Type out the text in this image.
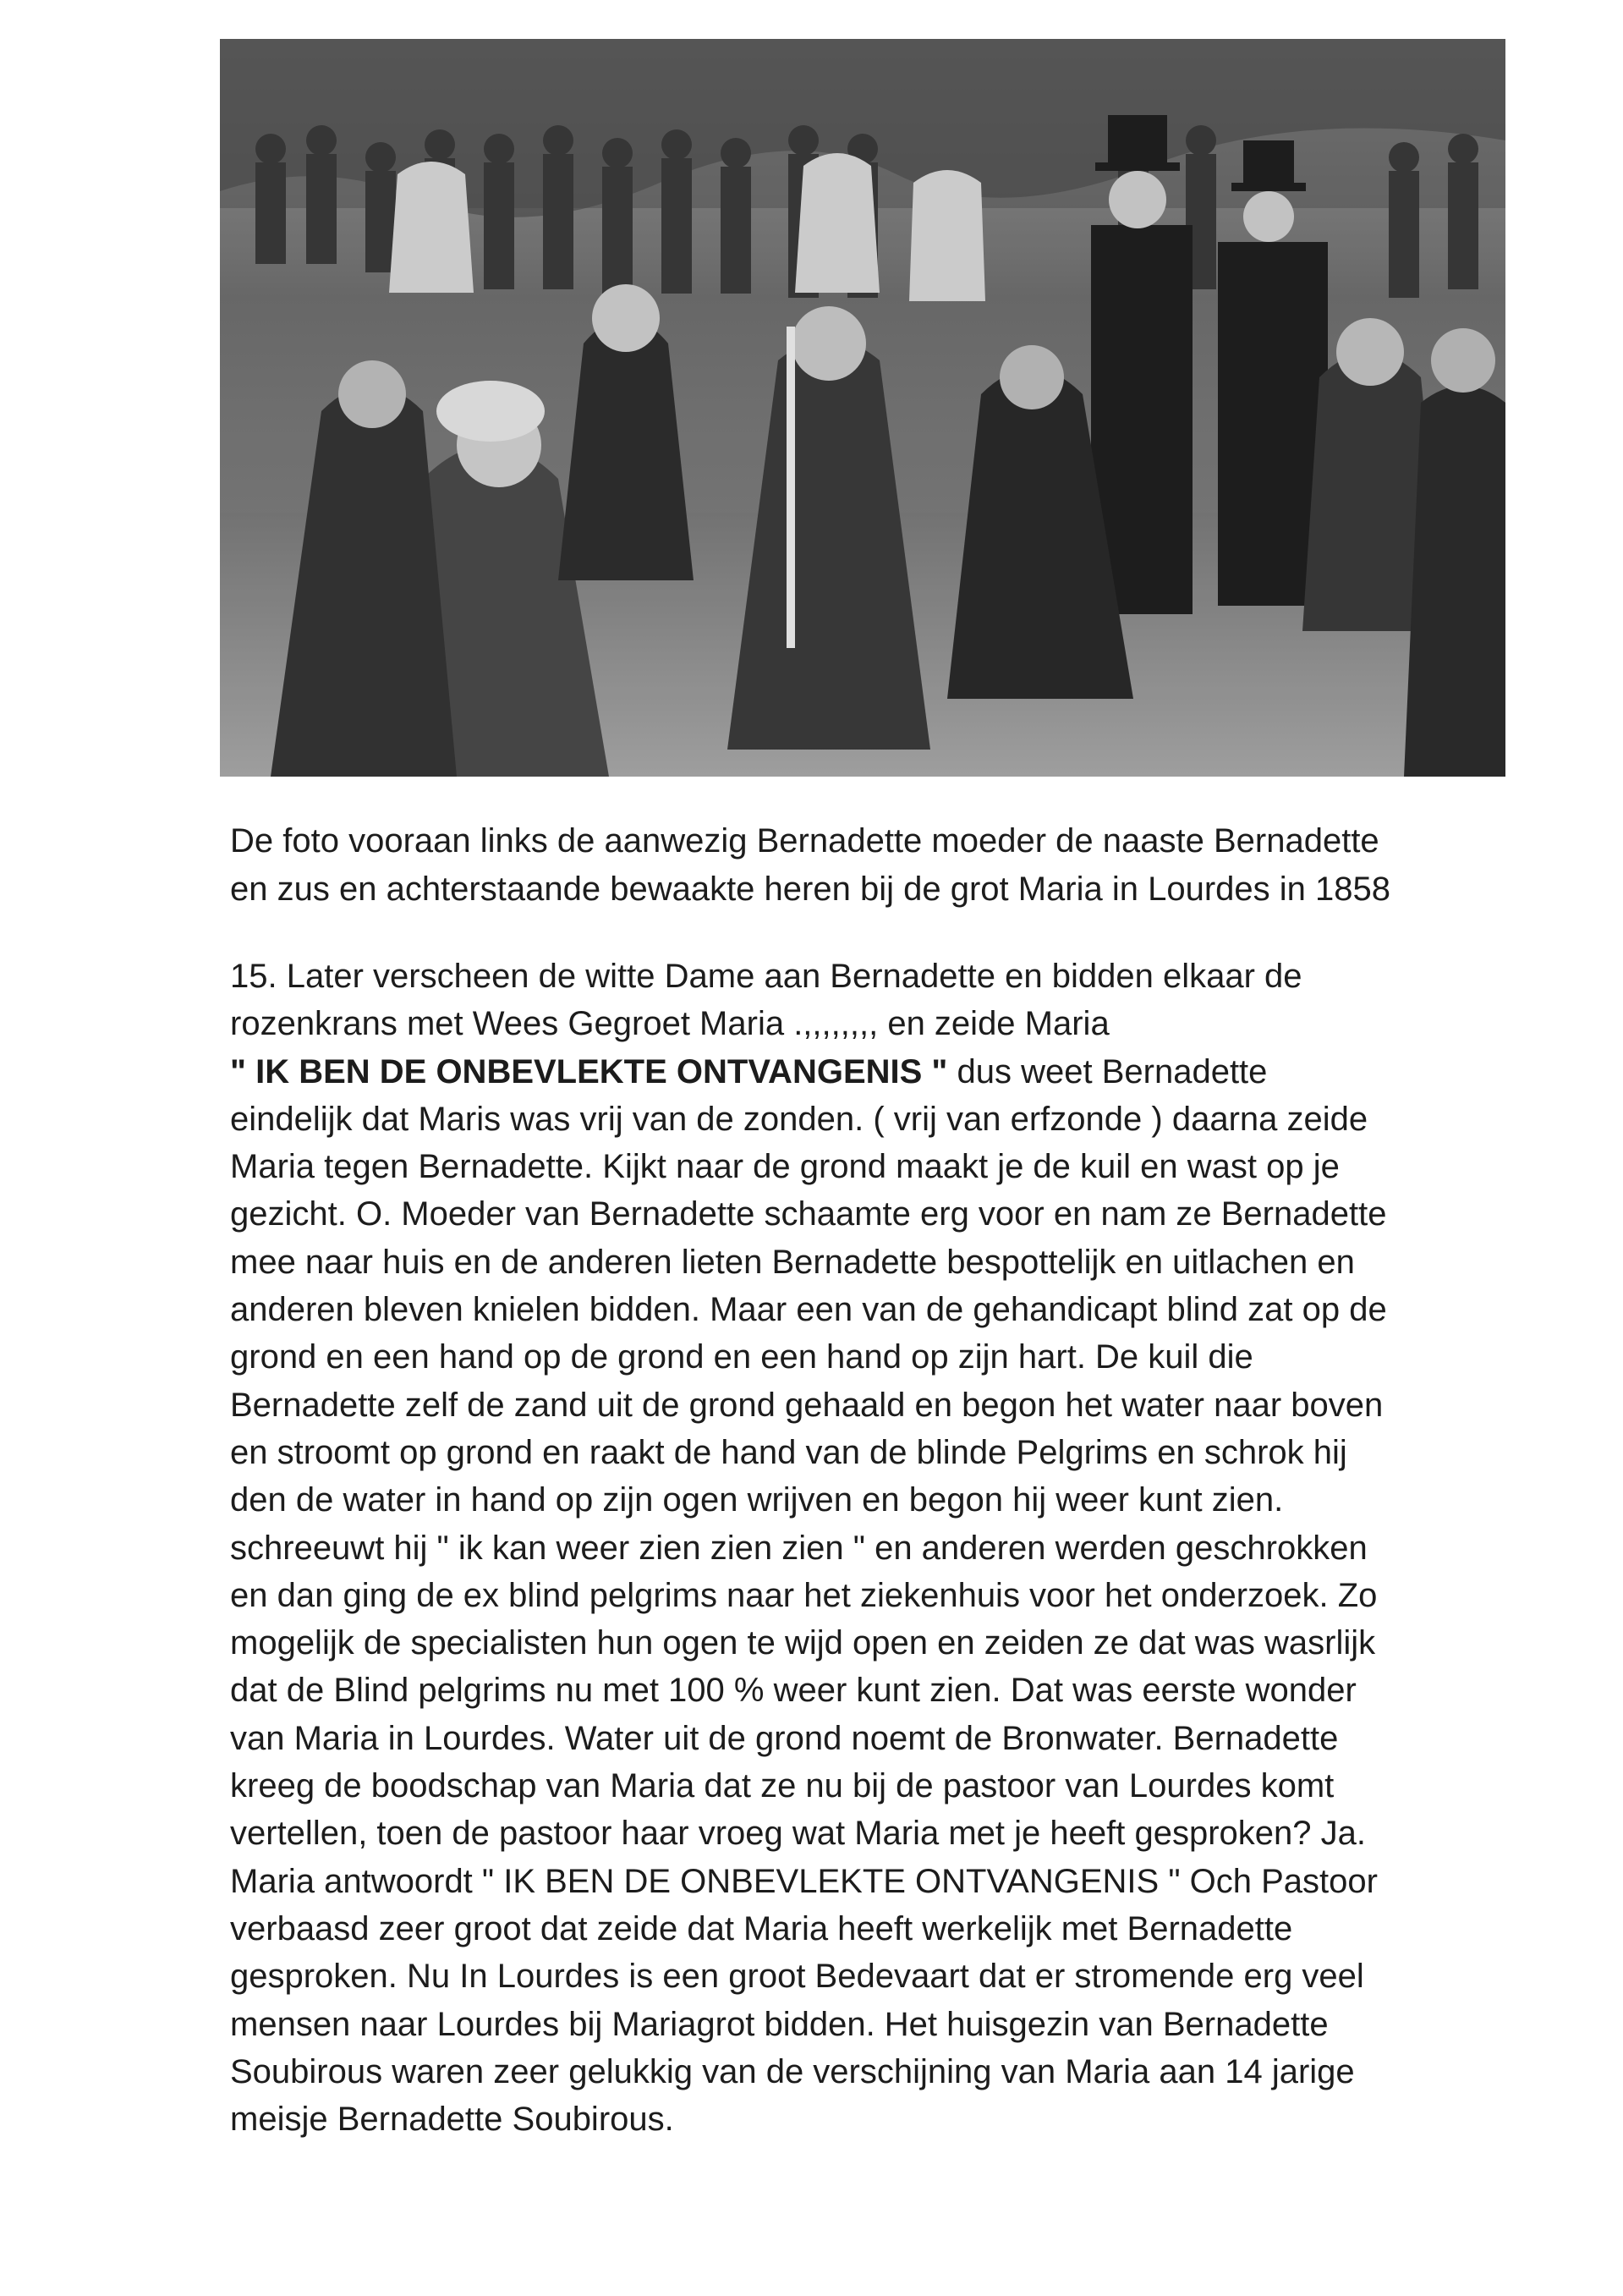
De foto vooraan links de aanwezig Bernadette moeder de naaste Bernadette
en zus en achterstaande bewaakte heren bij de grot Maria in Lourdes in 1858
15. Later verscheen de witte Dame aan Bernadette en bidden elkaar de
rozenkrans met Wees Gegroet Maria .,,,,,,,, en zeide Maria
" IK BEN DE ONBEVLEKTE ONTVANGENIS " dus weet Bernadette
eindelijk dat Maris was vrij van de zonden. ( vrij van erfzonde ) daarna zeide
Maria tegen Bernadette. Kijkt naar de grond maakt je de kuil en wast op je
gezicht. O. Moeder van Bernadette schaamte erg voor en nam ze Bernadette
mee naar huis en de anderen lieten Bernadette bespottelijk en uitlachen en
anderen bleven knielen bidden. Maar een van de gehandicapt blind zat op de
grond en een hand op de grond en een hand op zijn hart. De kuil die
Bernadette zelf de zand uit de grond gehaald en begon het water naar boven
en stroomt op grond en raakt de hand van de blinde Pelgrims en schrok hij
den de water in hand op zijn ogen wrijven en begon hij weer kunt zien.
schreeuwt hij " ik kan weer zien zien zien " en anderen werden geschrokken
en dan ging de ex blind pelgrims naar het ziekenhuis voor het onderzoek. Zo
mogelijk de specialisten hun ogen te wijd open en zeiden ze dat was wasrlijk
dat de Blind pelgrims nu met 100 % weer kunt zien. Dat was eerste wonder
van Maria in Lourdes. Water uit de grond noemt de Bronwater. Bernadette
kreeg de boodschap van Maria dat ze nu bij de pastoor van Lourdes komt
vertellen, toen de pastoor haar vroeg wat Maria met je heeft gesproken? Ja.
Maria antwoordt " IK BEN DE ONBEVLEKTE ONTVANGENIS " Och Pastoor
verbaasd zeer groot dat zeide dat Maria heeft werkelijk met Bernadette
gesproken. Nu In Lourdes is een groot Bedevaart dat er stromende erg veel
mensen naar Lourdes bij Mariagrot bidden. Het huisgezin van Bernadette
Soubirous waren zeer gelukkig van de verschijning van Maria aan 14 jarige
meisje Bernadette Soubirous.
